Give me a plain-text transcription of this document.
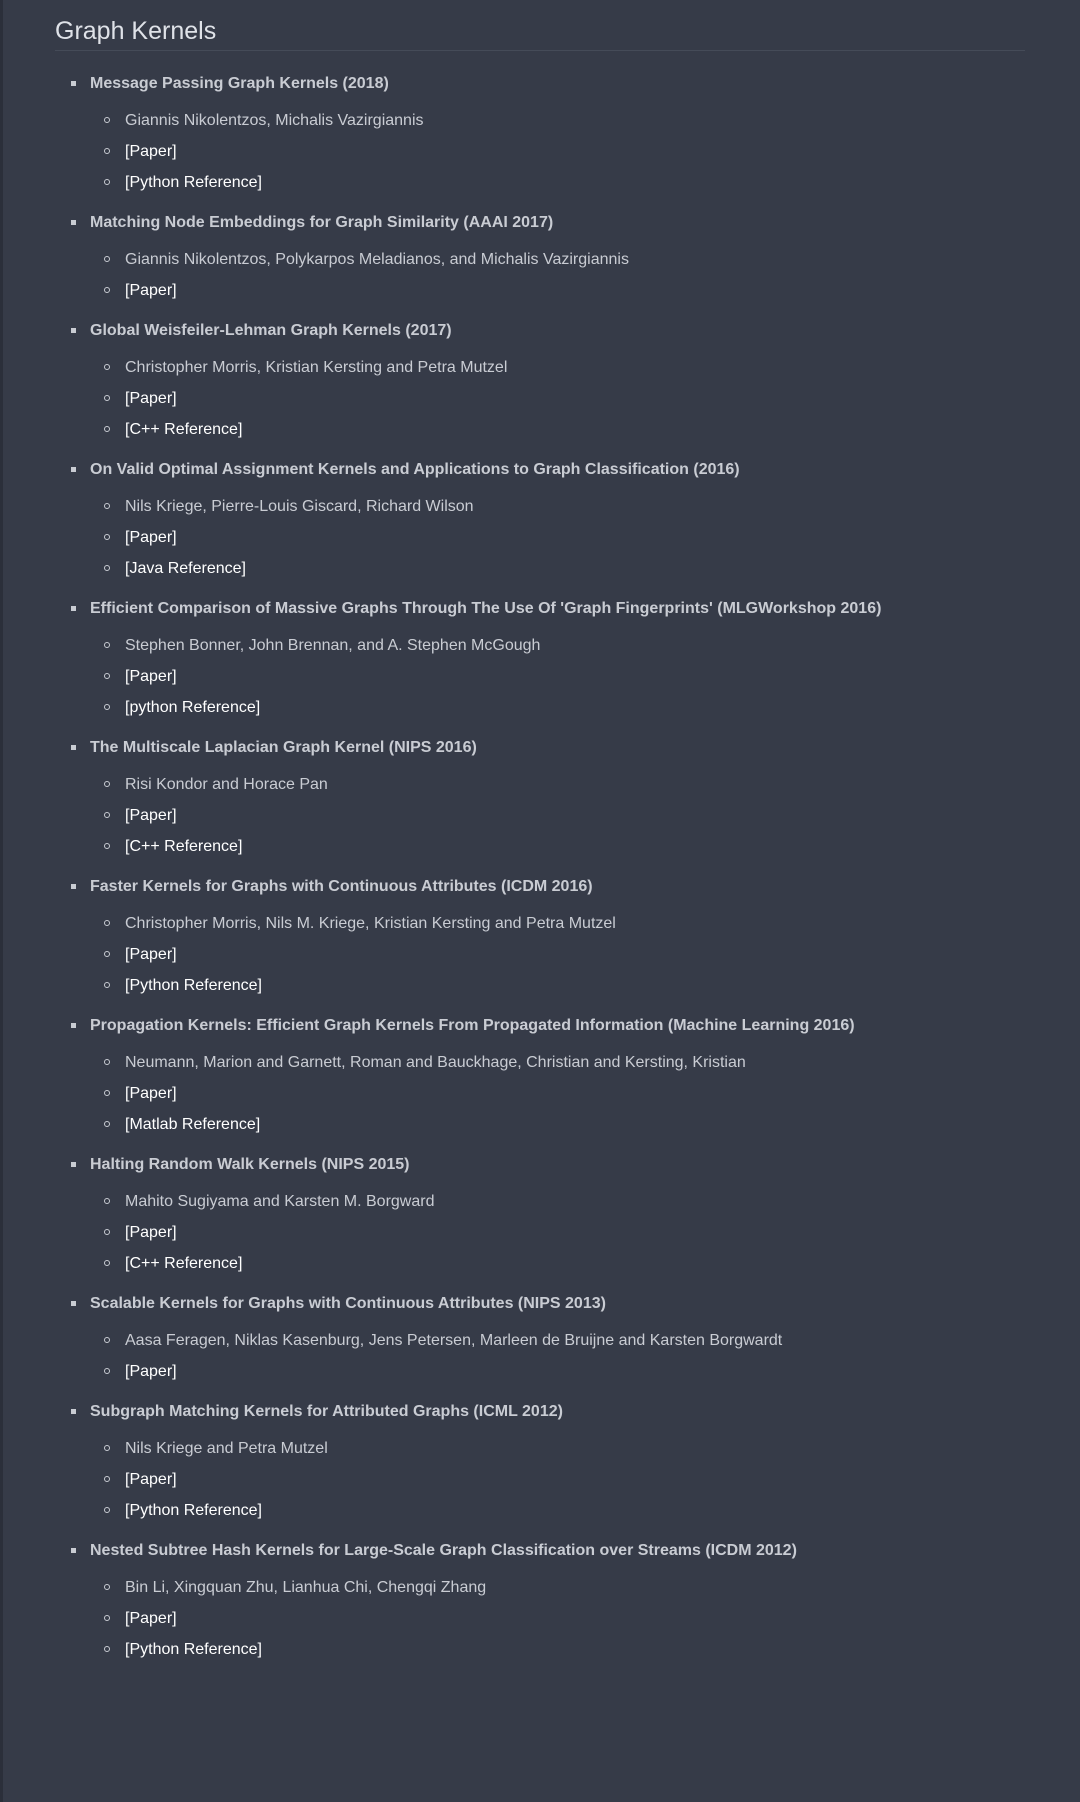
Graph Kernels
Message Passing Graph Kernels (2018)
Giannis Nikolentzos, Michalis Vazirgiannis
[Paper]
[Python Reference]
Matching Node Embeddings for Graph Similarity (AAAI 2017)
Giannis Nikolentzos, Polykarpos Meladianos, and Michalis Vazirgiannis
[Paper]
Global Weisfeiler-Lehman Graph Kernels (2017)
Christopher Morris, Kristian Kersting and Petra Mutzel
[Paper]
[C++ Reference]
On Valid Optimal Assignment Kernels and Applications to Graph Classification (2016)
Nils Kriege, Pierre-Louis Giscard, Richard Wilson
[Paper]
[Java Reference]
Efficient Comparison of Massive Graphs Through The Use Of 'Graph Fingerprints' (MLGWorkshop 2016)
Stephen Bonner, John Brennan, and A. Stephen McGough
[Paper]
[python Reference]
The Multiscale Laplacian Graph Kernel (NIPS 2016)
Risi Kondor and Horace Pan
[Paper]
[C++ Reference]
Faster Kernels for Graphs with Continuous Attributes (ICDM 2016)
Christopher Morris, Nils M. Kriege, Kristian Kersting and Petra Mutzel
[Paper]
[Python Reference]
Propagation Kernels: Efficient Graph Kernels From Propagated Information (Machine Learning 2016)
Neumann, Marion and Garnett, Roman and Bauckhage, Christian and Kersting, Kristian
[Paper]
[Matlab Reference]
Halting Random Walk Kernels (NIPS 2015)
Mahito Sugiyama and Karsten M. Borgward
[Paper]
[C++ Reference]
Scalable Kernels for Graphs with Continuous Attributes (NIPS 2013)
Aasa Feragen, Niklas Kasenburg, Jens Petersen, Marleen de Bruijne and Karsten Borgwardt
[Paper]
Subgraph Matching Kernels for Attributed Graphs (ICML 2012)
Nils Kriege and Petra Mutzel
[Paper]
[Python Reference]
Nested Subtree Hash Kernels for Large-Scale Graph Classification over Streams (ICDM 2012)
Bin Li, Xingquan Zhu, Lianhua Chi, Chengqi Zhang
[Paper]
[Python Reference]
